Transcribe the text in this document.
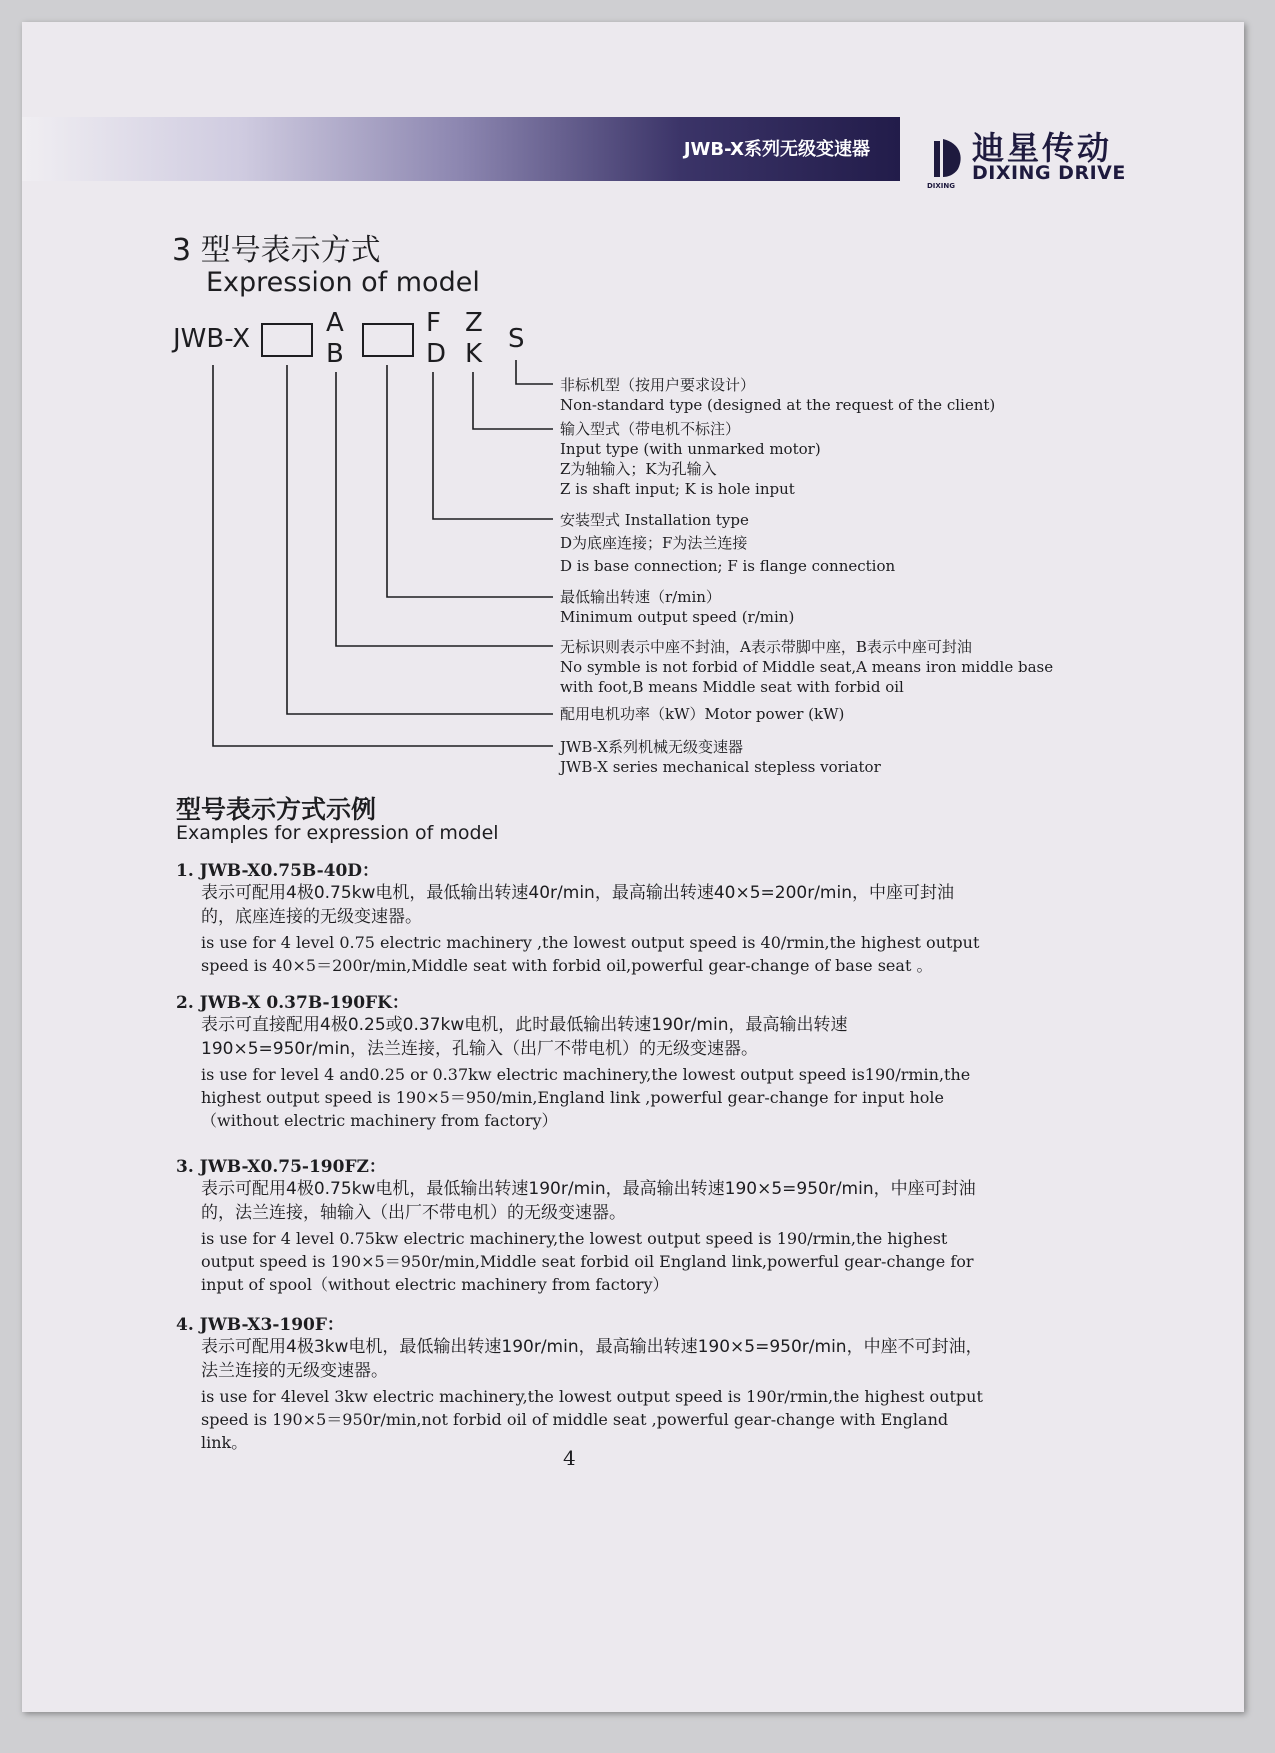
JWB-X系列无级变速器	迪星传动
DIXING DRIVE
DIXING
3 型号表示方式
Expression of model
JWB-X
A
B
F
D
Z
K S
非标机型（按用户要求设计）
Non-standard type (designed at the request of the client)
输入型式（带电机不标注）
Input type (with unmarked motor)
Z为轴输入；K为孔输入
Z is shaft input; K is hole input
安装型式 Installation type
D为底座连接；F为法兰连接
D is base connection; F is flange connection
最低输出转速（r/min）
Minimum output speed (r/min)
无标识则表示中座不封油，A表示带脚中座，B表示中座可封油
No symble is not forbid of Middle seat,A means iron middle base
with foot,B means Middle seat with forbid oil
配用电机功率（kW）Motor power (kW)
JWB-X系列机械无级变速器
JWB-X series mechanical stepless voriator
型号表示方式示例
Examples for expression of model
1. JWB-X0.75B-40D：
表示可配用4极0.75kw电机，最低输出转速40r/min，最高输出转速40×5=200r/min，中座可封油的，底座连接的无级变速器。
is use for 4 level 0.75 electric machinery ,the lowest output speed is 40/rmin,the highest output speed is 40×5＝200r/min,Middle seat with forbid oil,powerful gear-change of base seat 。
2. JWB-X 0.37B-190FK：
表示可直接配用4极0.25或0.37kw电机，此时最低输出转速190r/min，最高输出转速190×5=950r/min，法兰连接，孔输入（出厂不带电机）的无级变速器。
is use for level 4 and0.25 or 0.37kw electric machinery,the lowest output speed is190/rmin,the highest output speed is 190×5＝950/min,England link ,powerful gear-change for input hole（without electric machinery from factory）
3. JWB-X0.75-190FZ：
表示可配用4极0.75kw电机，最低输出转速190r/min，最高输出转速190×5=950r/min，中座可封油的，法兰连接，轴输入（出厂不带电机）的无级变速器。
is use for 4 level 0.75kw electric machinery,the lowest output speed is 190/rmin,the highest output speed is 190×5＝950r/min,Middle seat forbid oil England link,powerful gear-change for input of spool（without electric machinery from factory）
4. JWB-X3-190F：
表示可配用4极3kw电机，最低输出转速190r/min，最高输出转速190×5=950r/min，中座不可封油，法兰连接的无级变速器。
is use for 4level 3kw electric machinery,the lowest output speed is 190r/rmin,the highest output speed is 190×5＝950r/min,not forbid oil of middle seat ,powerful gear-change with England link。
4
